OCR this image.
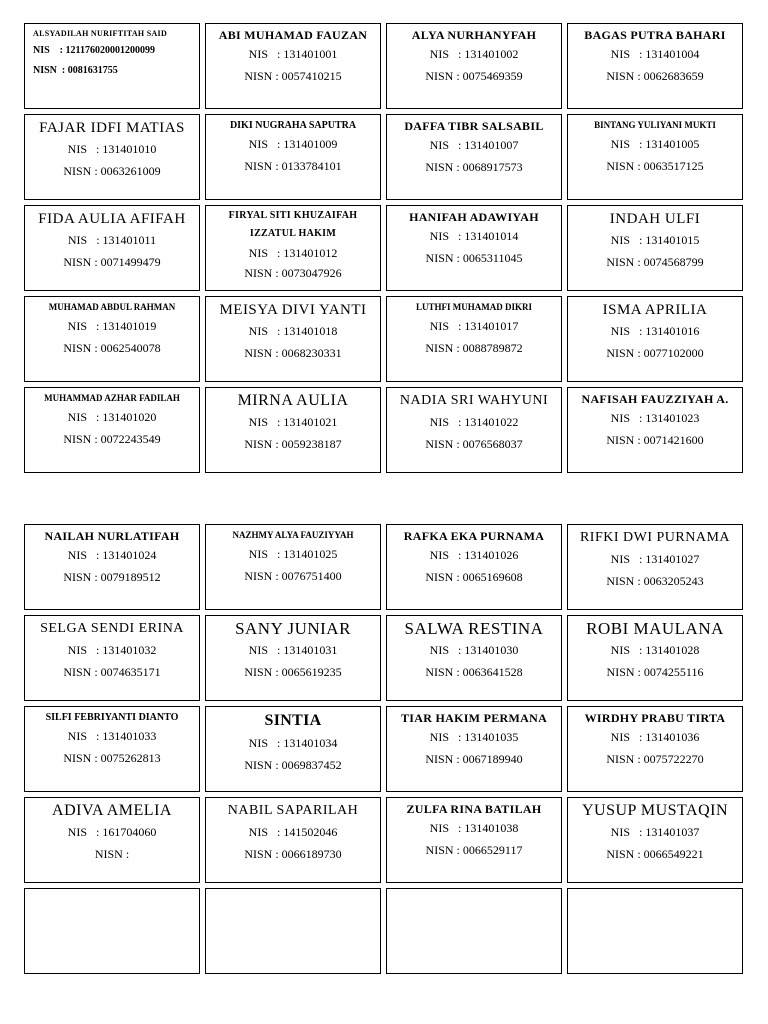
ALSYADILAH NURIFTITAH SAID
NIS    : 121176020001200099
NISN  : 0081631755
ABI MUHAMAD FAUZAN
NIS   : 131401001
NISN : 0057410215
ALYA NURHANYFAH
NIS   : 131401002
NISN : 0075469359
BAGAS PUTRA BAHARI
NIS   : 131401004
NISN : 0062683659
FAJAR IDFI MATIAS
NIS   : 131401010
NISN : 0063261009
DIKI NUGRAHA SAPUTRA
NIS   : 131401009
NISN : 0133784101
DAFFA TIBR SALSABIL
NIS   : 131401007
NISN : 0068917573
BINTANG YULIYANI MUKTI
NIS   : 131401005
NISN : 0063517125
FIDA AULIA AFIFAH
NIS   : 131401011
NISN : 0071499479
FIRYAL SITI KHUZAIFAH IZZATUL HAKIM
NIS   : 131401012
NISN : 0073047926
HANIFAH ADAWIYAH
NIS   : 131401014
NISN : 0065311045
INDAH ULFI
NIS   : 131401015
NISN : 0074568799
MUHAMAD ABDUL RAHMAN
NIS   : 131401019
NISN : 0062540078
MEISYA DIVI YANTI
NIS   : 131401018
NISN : 0068230331
LUTHFI MUHAMAD DIKRI
NIS   : 131401017
NISN : 0088789872
ISMA APRILIA
NIS   : 131401016
NISN : 0077102000
MUHAMMAD AZHAR FADILAH
NIS   : 131401020
NISN : 0072243549
MIRNA AULIA
NIS   : 131401021
NISN : 0059238187
NADIA SRI WAHYUNI
NIS   : 131401022
NISN : 0076568037
NAFISAH FAUZZIYAH A.
NIS   : 131401023
NISN : 0071421600
NAILAH NURLATIFAH
NIS   : 131401024
NISN : 0079189512
NAZHMY ALYA FAUZIYYAH
NIS   : 131401025
NISN : 0076751400
RAFKA EKA PURNAMA
NIS   : 131401026
NISN : 0065169608
RIFKI DWI PURNAMA
NIS   : 131401027
NISN : 0063205243
SELGA SENDI ERINA
NIS   : 131401032
NISN : 0074635171
SANY JUNIAR
NIS   : 131401031
NISN : 0065619235
SALWA RESTINA
NIS   : 131401030
NISN : 0063641528
ROBI MAULANA
NIS   : 131401028
NISN : 0074255116
SILFI FEBRIYANTI DIANTO
NIS   : 131401033
NISN : 0075262813
SINTIA
NIS   : 131401034
NISN : 0069837452
TIAR HAKIM PERMANA
NIS   : 131401035
NISN : 0067189940
WIRDHY PRABU TIRTA
NIS   : 131401036
NISN : 0075722270
ADIVA AMELIA
NIS   : 161704060
NISN :
NABIL SAPARILAH
NIS   : 141502046
NISN : 0066189730
ZULFA RINA BATILAH
NIS   : 131401038
NISN : 0066529117
YUSUP MUSTAQIN
NIS   : 131401037
NISN : 0066549221
